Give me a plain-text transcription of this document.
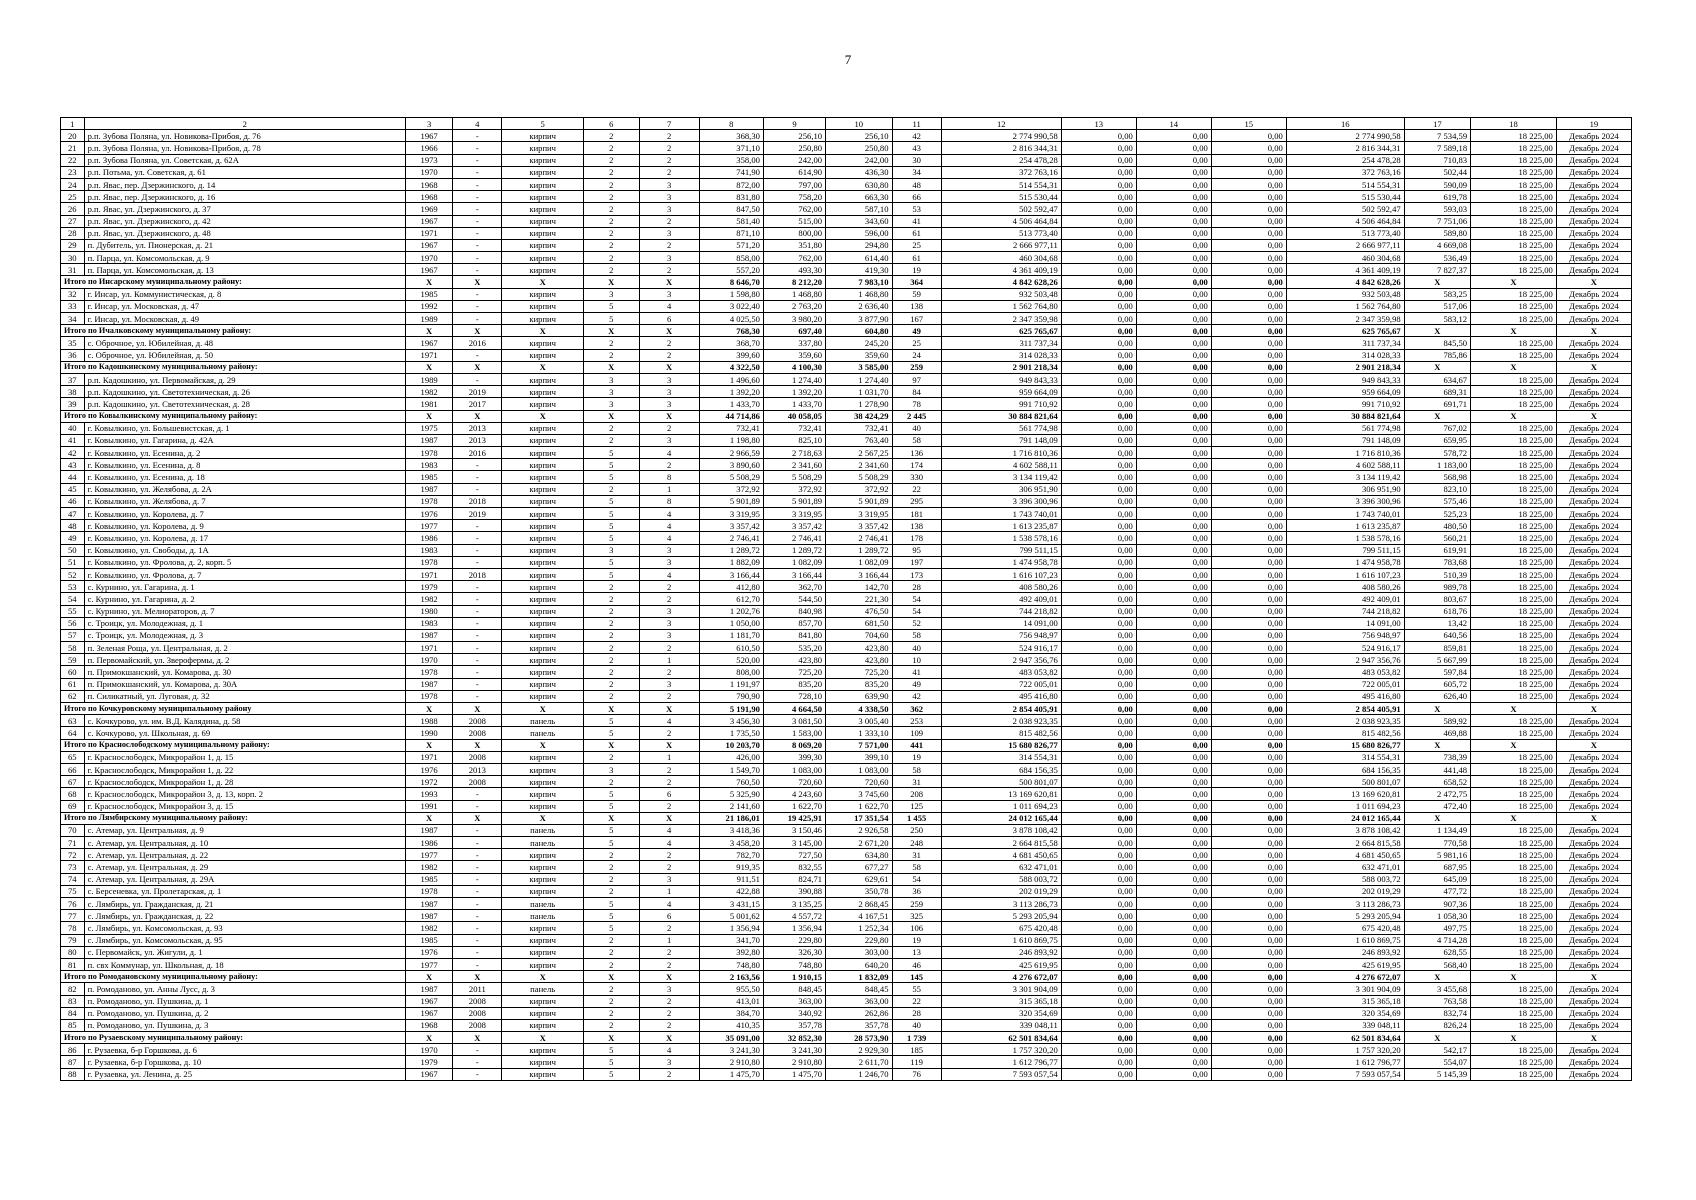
7
1	2	3	4	5	6	7	8	9	10	11	12	13	14	15	16	17	18	19
20	р.п. Зубова Поляна, ул. Новикова-Прибоя, д. 76	1967	-	кирпич	2	2	368,30	256,10	256,10	42	2 774 990,58	0,00	0,00	0,00	2 774 990,58	7 534,59	18 225,00	Декабрь 2024
21	р.п. Зубова Поляна, ул. Новикова-Прибоя, д. 78	1966	-	кирпич	2	2	371,10	250,80	250,80	43	2 816 344,31	0,00	0,00	0,00	2 816 344,31	7 589,18	18 225,00	Декабрь 2024
22	р.п. Зубова Поляна, ул. Советская, д. 62А	1973	-	кирпич	2	2	358,00	242,00	242,00	30	254 478,28	0,00	0,00	0,00	254 478,28	710,83	18 225,00	Декабрь 2024
23	р.п. Потьма, ул. Советская, д. 61	1970	-	кирпич	2	2	741,90	614,90	436,30	34	372 763,16	0,00	0,00	0,00	372 763,16	502,44	18 225,00	Декабрь 2024
24	р.п. Явас, пер. Дзержинского, д. 14	1968	-	кирпич	2	3	872,00	797,00	630,80	48	514 554,31	0,00	0,00	0,00	514 554,31	590,09	18 225,00	Декабрь 2024
25	р.п. Явас, пер. Дзержинского, д. 16	1968	-	кирпич	2	3	831,80	758,20	663,30	66	515 530,44	0,00	0,00	0,00	515 530,44	619,78	18 225,00	Декабрь 2024
26	р.п. Явас, ул. Дзержинского, д. 37	1969	-	кирпич	2	3	847,50	762,00	587,10	53	502 592,47	0,00	0,00	0,00	502 592,47	593,03	18 225,00	Декабрь 2024
27	р.п. Явас, ул. Дзержинского, д. 42	1967	-	кирпич	2	2	581,40	515,00	343,60	41	4 506 464,84	0,00	0,00	0,00	4 506 464,84	7 751,06	18 225,00	Декабрь 2024
28	р.п. Явас, ул. Дзержинского, д. 48	1971	-	кирпич	2	3	871,10	800,00	596,00	61	513 773,40	0,00	0,00	0,00	513 773,40	589,80	18 225,00	Декабрь 2024
29	п. Дубитель, ул. Пионерская, д. 21	1967	-	кирпич	2	2	571,20	351,80	294,80	25	2 666 977,11	0,00	0,00	0,00	2 666 977,11	4 669,08	18 225,00	Декабрь 2024
30	п. Парца, ул. Комсомольская, д. 9	1970	-	кирпич	2	3	858,00	762,00	614,40	61	460 304,68	0,00	0,00	0,00	460 304,68	536,49	18 225,00	Декабрь 2024
31	п. Парца, ул. Комсомольская, д. 13	1967	-	кирпич	2	2	557,20	493,30	419,30	19	4 361 409,19	0,00	0,00	0,00	4 361 409,19	7 827,37	18 225,00	Декабрь 2024
Итого по Инсарскому муниципальному району:		X	X	X	X	X	8 646,70	8 212,20	7 983,10	364	4 842 628,26	0,00	0,00	0,00	4 842 628,26	X	X	X
32	г. Инсар, ул. Коммунистическая, д. 8	1985	-	кирпич	3	3	1 598,80	1 468,80	1 468,80	59	932 503,48	0,00	0,00	0,00	932 503,48	583,25	18 225,00	Декабрь 2024
33	г. Инсар, ул. Московская, д. 47	1992	-	кирпич	5	4	3 022,40	2 763,20	2 636,40	138	1 562 764,80	0,00	0,00	0,00	1 562 764,80	517,06	18 225,00	Декабрь 2024
34	г. Инсар, ул. Московская, д. 49	1989	-	кирпич	5	6	4 025,50	3 980,20	3 877,90	167	2 347 359,98	0,00	0,00	0,00	2 347 359,98	583,12	18 225,00	Декабрь 2024
Итого по Ичалковскому муниципальному району:		X	X	X	X	X	768,30	697,40	604,80	49	625 765,67	0,00	0,00	0,00	625 765,67	X	X	X
35	с. Оброчное, ул. Юбилейная, д. 48	1967	2016	кирпич	2	2	368,70	337,80	245,20	25	311 737,34	0,00	0,00	0,00	311 737,34	845,50	18 225,00	Декабрь 2024
36	с. Оброчное, ул. Юбилейная, д. 50	1971	-	кирпич	2	2	399,60	359,60	359,60	24	314 028,33	0,00	0,00	0,00	314 028,33	785,86	18 225,00	Декабрь 2024
Итого по Кадошкинскому муниципальному району:		X	X	X	X	X	4 322,50	4 100,30	3 585,00	259	2 901 218,34	0,00	0,00	0,00	2 901 218,34	X	X	X
37	р.п. Кадошкино, ул. Первомайская, д. 29	1989	-	кирпич	3	3	1 496,60	1 274,40	1 274,40	97	949 843,33	0,00	0,00	0,00	949 843,33	634,67	18 225,00	Декабрь 2024
38	р.п. Кадошкино, ул. Светотехническая, д. 26	1982	2019	кирпич	3	3	1 392,20	1 392,20	1 031,70	84	959 664,09	0,00	0,00	0,00	959 664,09	689,31	18 225,00	Декабрь 2024
39	р.п. Кадошкино, ул. Светотехническая, д. 28	1981	2017	кирпич	3	3	1 433,70	1 433,70	1 278,90	78	991 710,92	0,00	0,00	0,00	991 710,92	691,71	18 225,00	Декабрь 2024
Итого по Ковылкинскому муниципальному району:		X	X	X	X	X	44 714,86	40 058,05	38 424,29	2 445	30 884 821,64	0,00	0,00	0,00	30 884 821,64	X	X	X
40	г. Ковылкино, ул. Большевистская, д. 1	1975	2013	кирпич	2	2	732,41	732,41	732,41	40	561 774,98	0,00	0,00	0,00	561 774,98	767,02	18 225,00	Декабрь 2024
41	г. Ковылкино, ул. Гагарина, д. 42А	1987	2013	кирпич	2	3	1 198,80	825,10	763,40	58	791 148,09	0,00	0,00	0,00	791 148,09	659,95	18 225,00	Декабрь 2024
42	г. Ковылкино, ул. Есенина, д. 2	1978	2016	кирпич	5	4	2 966,59	2 718,63	2 567,25	136	1 716 810,36	0,00	0,00	0,00	1 716 810,36	578,72	18 225,00	Декабрь 2024
43	г. Ковылкино, ул. Есенина, д. 8	1983	-	кирпич	5	2	3 890,60	2 341,60	2 341,60	174	4 602 588,11	0,00	0,00	0,00	4 602 588,11	1 183,00	18 225,00	Декабрь 2024
44	г. Ковылкино, ул. Есенина, д. 18	1985	-	кирпич	5	8	5 508,29	5 508,29	5 508,29	330	3 134 119,42	0,00	0,00	0,00	3 134 119,42	568,98	18 225,00	Декабрь 2024
45	г. Ковылкино, ул. Желябова, д. 2А	1987	-	кирпич	2	1	372,92	372,92	372,92	22	306 951,90	0,00	0,00	0,00	306 951,90	823,10	18 225,00	Декабрь 2024
46	г. Ковылкино, ул. Желябова, д. 7	1978	2018	кирпич	5	8	5 901,89	5 901,89	5 901,89	295	3 396 300,96	0,00	0,00	0,00	3 396 300,96	575,46	18 225,00	Декабрь 2024
47	г. Ковылкино, ул. Королева, д. 7	1976	2019	кирпич	5	4	3 319,95	3 319,95	3 319,95	181	1 743 740,01	0,00	0,00	0,00	1 743 740,01	525,23	18 225,00	Декабрь 2024
48	г. Ковылкино, ул. Королева, д. 9	1977	-	кирпич	5	4	3 357,42	3 357,42	3 357,42	138	1 613 235,87	0,00	0,00	0,00	1 613 235,87	480,50	18 225,00	Декабрь 2024
49	г. Ковылкино, ул. Королева, д. 17	1986	-	кирпич	5	4	2 746,41	2 746,41	2 746,41	178	1 538 578,16	0,00	0,00	0,00	1 538 578,16	560,21	18 225,00	Декабрь 2024
50	г. Ковылкино, ул. Свободы, д. 1А	1983	-	кирпич	3	3	1 289,72	1 289,72	1 289,72	95	799 511,15	0,00	0,00	0,00	799 511,15	619,91	18 225,00	Декабрь 2024
51	г. Ковылкино, ул. Фролова, д. 2, корп. 5	1978	-	кирпич	5	3	1 882,09	1 082,09	1 082,09	197	1 474 958,78	0,00	0,00	0,00	1 474 958,78	783,68	18 225,00	Декабрь 2024
52	г. Ковылкино, ул. Фролова, д. 7	1971	2018	кирпич	5	4	3 166,44	3 166,44	3 166,44	173	1 616 107,23	0,00	0,00	0,00	1 616 107,23	510,39	18 225,00	Декабрь 2024
53	с. Курнино, ул. Гагарина, д. 1	1979	-	кирпич	2	2	412,80	362,70	142,70	28	408 580,26	0,00	0,00	0,00	408 580,26	989,78	18 225,00	Декабрь 2024
54	с. Курнино, ул. Гагарина, д. 2	1982	-	кирпич	2	2	612,70	544,50	221,30	54	492 409,01	0,00	0,00	0,00	492 409,01	803,67	18 225,00	Декабрь 2024
55	с. Курнино, ул. Мелиораторов, д. 7	1980	-	кирпич	2	3	1 202,76	840,98	476,50	54	744 218,82	0,00	0,00	0,00	744 218,82	618,76	18 225,00	Декабрь 2024
56	с. Троицк, ул. Молодежная, д. 1	1983	-	кирпич	2	3	1 050,00	857,70	681,50	52	14 091,00	0,00	0,00	0,00	14 091,00	13,42	18 225,00	Декабрь 2024
57	с. Троицк, ул. Молодежная, д. 3	1987	-	кирпич	2	3	1 181,70	841,80	704,60	58	756 948,97	0,00	0,00	0,00	756 948,97	640,56	18 225,00	Декабрь 2024
58	п. Зеленая Роща, ул. Центральная, д. 2	1971	-	кирпич	2	2	610,50	535,20	423,80	40	524 916,17	0,00	0,00	0,00	524 916,17	859,81	18 225,00	Декабрь 2024
59	п. Первомайский, ул. Зверофермы, д. 2	1970	-	кирпич	2	1	520,00	423,80	423,80	10	2 947 356,76	0,00	0,00	0,00	2 947 356,76	5 667,99	18 225,00	Декабрь 2024
60	п. Примокшанский, ул. Комарова, д. 30	1978	-	кирпич	2	2	808,00	725,20	725,20	41	483 053,82	0,00	0,00	0,00	483 053,82	597,84	18 225,00	Декабрь 2024
61	п. Примокшанский, ул. Комарова, д. 30А	1987	-	кирпич	2	3	1 191,97	835,20	835,20	49	722 005,01	0,00	0,00	0,00	722 005,01	605,72	18 225,00	Декабрь 2024
62	п. Силикатный, ул. Луговая, д. 32	1978	-	кирпич	2	2	790,90	728,10	639,90	42	495 416,80	0,00	0,00	0,00	495 416,80	626,40	18 225,00	Декабрь 2024
Итого по Кочкуровскому муниципальному району		X	X	X	X	X	5 191,90	4 664,50	4 338,50	362	2 854 405,91	0,00	0,00	0,00	2 854 405,91	X	X	X
63	с. Кочкурово, ул. им. В.Д. Калядина, д. 58	1988	2008	панель	5	4	3 456,30	3 081,50	3 005,40	253	2 038 923,35	0,00	0,00	0,00	2 038 923,35	589,92	18 225,00	Декабрь 2024
64	с. Кочкурово, ул. Школьная, д. 69	1990	2008	панель	5	2	1 735,50	1 583,00	1 333,10	109	815 482,56	0,00	0,00	0,00	815 482,56	469,88	18 225,00	Декабрь 2024
Итого по Краснослободскому муниципальному району:		X	X	X	X	X	10 203,70	8 069,20	7 571,00	441	15 680 826,77	0,00	0,00	0,00	15 680 826,77	X	X	X
65	г. Краснослободск, Микрорайон 1, д. 15	1971	2008	кирпич	2	1	426,00	399,30	399,10	19	314 554,31	0,00	0,00	0,00	314 554,31	738,39	18 225,00	Декабрь 2024
66	г. Краснослободск, Микрорайон 1, д. 22	1976	2013	кирпич	3	2	1 549,70	1 083,00	1 083,00	58	684 156,35	0,00	0,00	0,00	684 156,35	441,48	18 225,00	Декабрь 2024
67	г. Краснослободск, Микрорайон 1, д. 28	1972	2008	кирпич	2	2	760,50	720,60	720,60	31	500 801,07	0,00	0,00	0,00	500 801,07	658,52	18 225,00	Декабрь 2024
68	г. Краснослободск, Микрорайон 3, д. 13, корп. 2	1993	-	кирпич	5	6	5 325,90	4 243,60	3 745,60	208	13 169 620,81	0,00	0,00	0,00	13 169 620,81	2 472,75	18 225,00	Декабрь 2024
69	г. Краснослободск, Микрорайон 3, д. 15	1991	-	кирпич	5	2	2 141,60	1 622,70	1 622,70	125	1 011 694,23	0,00	0,00	0,00	1 011 694,23	472,40	18 225,00	Декабрь 2024
Итого по Лямбирскому муниципальному району:		X	X	X	X	X	21 186,01	19 425,91	17 351,54	1 455	24 012 165,44	0,00	0,00	0,00	24 012 165,44	X	X	X
70	с. Атемар, ул. Центральная, д. 9	1987	-	панель	5	4	3 418,36	3 150,46	2 926,58	250	3 878 108,42	0,00	0,00	0,00	3 878 108,42	1 134,49	18 225,00	Декабрь 2024
71	с. Атемар, ул. Центральная, д. 10	1986	-	панель	5	4	3 458,20	3 145,00	2 671,20	248	2 664 815,58	0,00	0,00	0,00	2 664 815,58	770,58	18 225,00	Декабрь 2024
72	с. Атемар, ул. Центральная, д. 22	1977	-	кирпич	2	2	782,70	727,50	634,80	31	4 681 450,65	0,00	0,00	0,00	4 681 450,65	5 981,16	18 225,00	Декабрь 2024
73	с. Атемар, ул. Центральная, д. 29	1982	-	кирпич	2	2	919,35	832,55	677,27	58	632 471,01	0,00	0,00	0,00	632 471,01	687,95	18 225,00	Декабрь 2024
74	с. Атемар, ул. Центральная, д. 29А	1985	-	кирпич	2	3	911,51	824,71	629,61	54	588 003,72	0,00	0,00	0,00	588 003,72	645,09	18 225,00	Декабрь 2024
75	с. Берсеневка, ул. Пролетарская, д. 1	1978	-	кирпич	2	1	422,88	390,88	350,78	36	202 019,29	0,00	0,00	0,00	202 019,29	477,72	18 225,00	Декабрь 2024
76	с. Лямбирь, ул. Гражданская, д. 21	1987	-	панель	5	4	3 431,15	3 135,25	2 868,45	259	3 113 286,73	0,00	0,00	0,00	3 113 286,73	907,36	18 225,00	Декабрь 2024
77	с. Лямбирь, ул. Гражданская, д. 22	1987	-	панель	5	6	5 001,62	4 557,72	4 167,51	325	5 293 205,94	0,00	0,00	0,00	5 293 205,94	1 058,30	18 225,00	Декабрь 2024
78	с. Лямбирь, ул. Комсомольская, д. 93	1982	-	кирпич	5	2	1 356,94	1 356,94	1 252,34	106	675 420,48	0,00	0,00	0,00	675 420,48	497,75	18 225,00	Декабрь 2024
79	с. Лямбирь, ул. Комсомольская, д. 95	1985	-	кирпич	2	1	341,70	229,80	229,80	19	1 610 869,75	0,00	0,00	0,00	1 610 869,75	4 714,28	18 225,00	Декабрь 2024
80	с. Первомайск, ул. Жигули, д. 1	1976	-	кирпич	2	2	392,80	326,30	303,00	13	246 893,92	0,00	0,00	0,00	246 893,92	628,55	18 225,00	Декабрь 2024
81	п. свх Коммунар, ул. Школьная, д. 18	1977	-	кирпич	2	2	748,80	748,80	640,20	46	425 619,95	0,00	0,00	0,00	425 619,95	568,40	18 225,00	Декабрь 2024
Итого по Ромодановскому муниципальному району:		X	X	X	X	X	2 163,56	1 910,15	1 832,09	145	4 276 672,07	0,00	0,00	0,00	4 276 672,07	X	X	X
82	п. Ромоданово, ул. Анны Лусс, д. 3	1987	2011	панель	2	3	955,50	848,45	848,45	55	3 301 904,09	0,00	0,00	0,00	3 301 904,09	3 455,68	18 225,00	Декабрь 2024
83	п. Ромоданово, ул. Пушкина, д. 1	1967	2008	кирпич	2	2	413,01	363,00	363,00	22	315 365,18	0,00	0,00	0,00	315 365,18	763,58	18 225,00	Декабрь 2024
84	п. Ромоданово, ул. Пушкина, д. 2	1967	2008	кирпич	2	2	384,70	340,92	262,86	28	320 354,69	0,00	0,00	0,00	320 354,69	832,74	18 225,00	Декабрь 2024
85	п. Ромоданово, ул. Пушкина, д. 3	1968	2008	кирпич	2	2	410,35	357,78	357,78	40	339 048,11	0,00	0,00	0,00	339 048,11	826,24	18 225,00	Декабрь 2024
Итого по Рузаевскому муниципальному району:		X	X	X	X	X	35 091,00	32 852,30	28 573,90	1 739	62 501 834,64	0,00	0,00	0,00	62 501 834,64	X	X	X
86	г. Рузаевка, б-р Горшкова, д. 6	1970	-	кирпич	5	4	3 241,30	3 241,30	2 929,30	185	1 757 320,20	0,00	0,00	0,00	1 757 320,20	542,17	18 225,00	Декабрь 2024
87	г. Рузаевка, б-р Горшкова, д. 10	1979	-	кирпич	5	3	2 910,80	2 910,80	2 611,70	119	1 612 796,77	0,00	0,00	0,00	1 612 796,77	554,07	18 225,00	Декабрь 2024
88	г. Рузаевка, ул. Ленина, д. 25	1967	-	кирпич	5	2	1 475,70	1 475,70	1 246,70	76	7 593 057,54	0,00	0,00	0,00	7 593 057,54	5 145,39	18 225,00	Декабрь 2024
